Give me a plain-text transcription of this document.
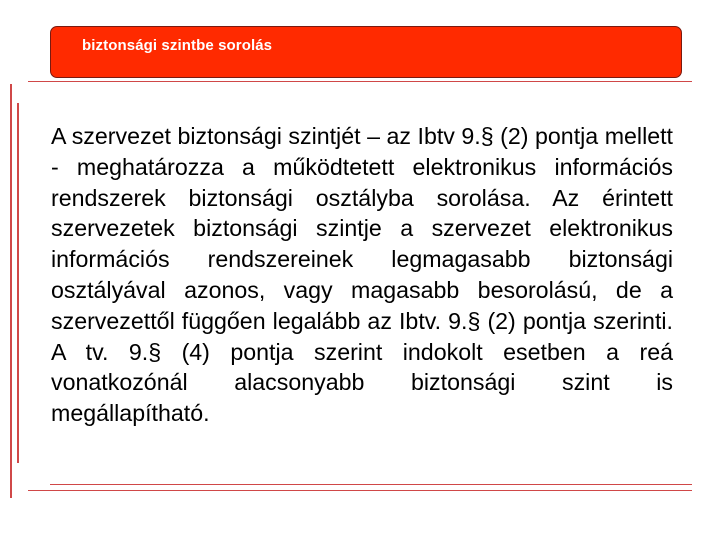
biztonsági szintbe sorolás

A szervezet biztonsági szintjét – az Ibtv 9.§ (2) pontja mellett - meghatározza a működtetett elektronikus információs rendszerek biztonsági osztályba sorolása. Az érintett szervezetek biztonsági szintje a szervezet elektronikus információs rendszereinek legmagasabb biztonsági osztályával azonos, vagy magasabb besorolású, de a szervezettől függően legalább az Ibtv. 9.§ (2) pontja szerinti. A tv. 9.§ (4) pontja szerint indokolt esetben a reá vonatkozónál alacsonyabb biztonsági szint is megállapítható.
